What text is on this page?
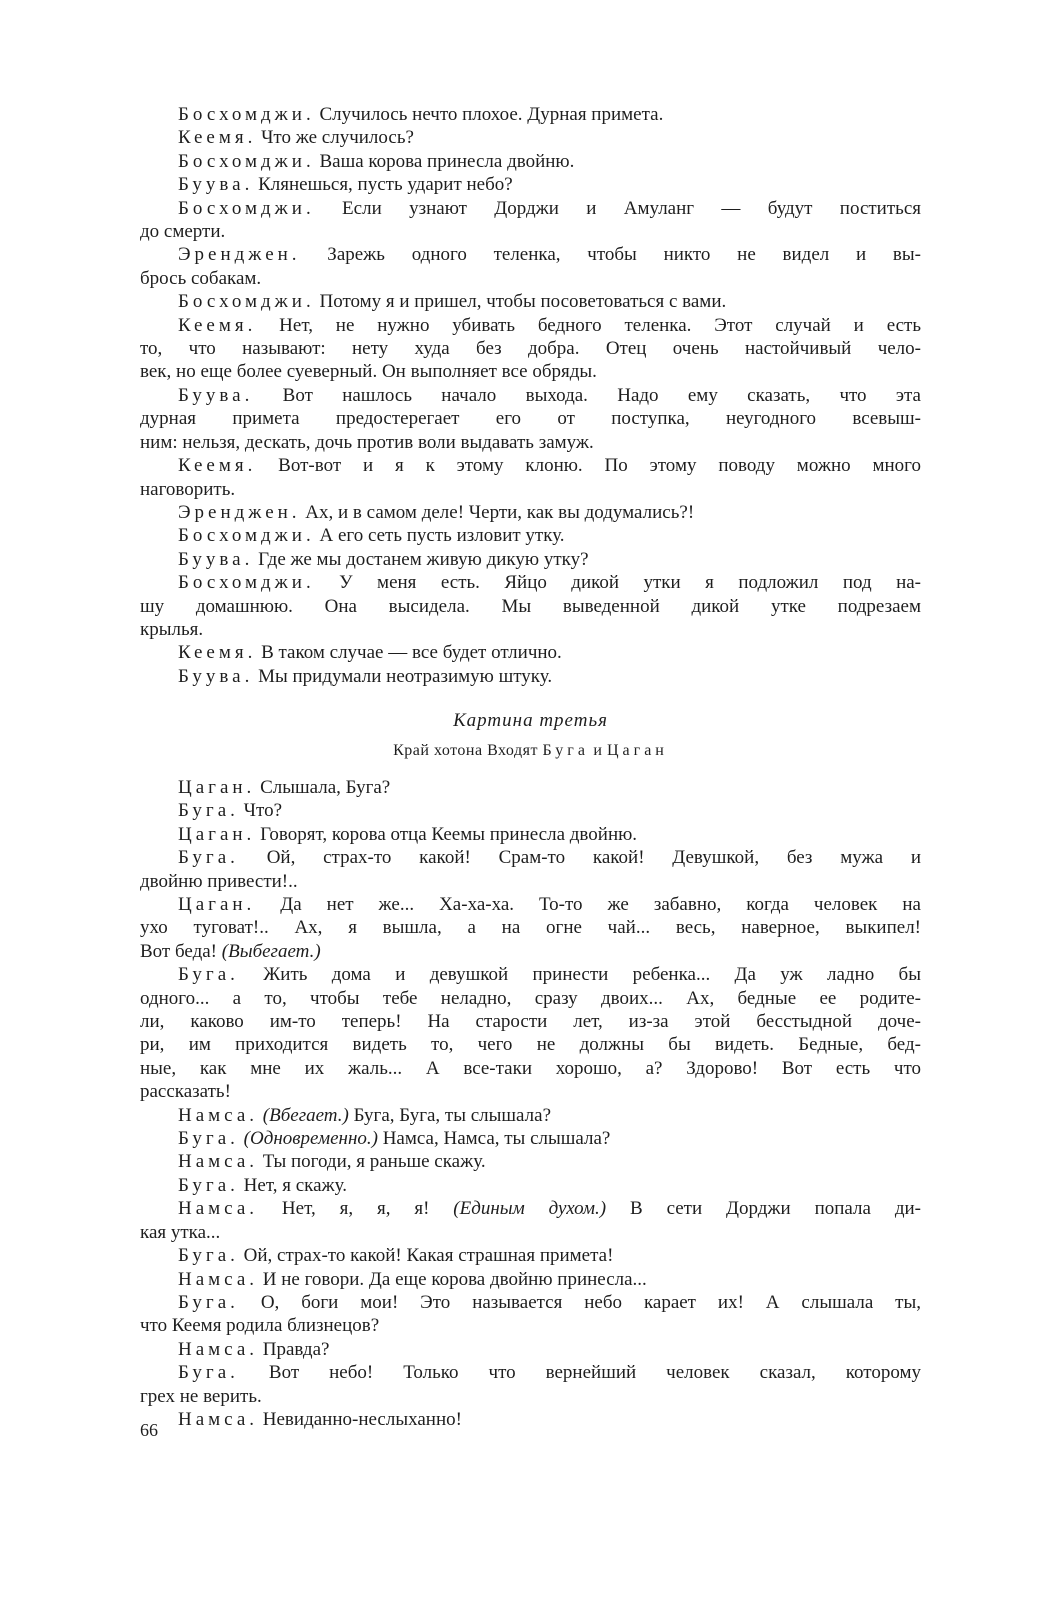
Босхомджи. Случилось нечто плохое. Дурная примета.
Кеемя. Что же случилось?
Босхомджи. Ваша корова принесла двойню.
Буува. Клянешься, пусть ударит небо?
Босхомджи. Если узнают Дорджи и Амуланг — будут поститься
до смерти.
Эренджен. Зарежь одного теленка, чтобы никто не видел и вы-
брось собакам.
Босхомджи. Потому я и пришел, чтобы посоветоваться с вами.
Кеемя. Нет, не нужно убивать бедного теленка. Этот случай и есть
то, что называют: нету худа без добра. Отец очень настойчивый чело-
век, но еще более суеверный. Он выполняет все обряды.
Буува. Вот нашлось начало выхода. Надо ему сказать, что эта
дурная примета предостерегает его от поступка, неугодного всевыш-
ним: нельзя, дескать, дочь против воли выдавать замуж.
Кеемя. Вот-вот и я к этому клоню. По этому поводу можно много
наговорить.
Эренджен. Ах, и в самом деле! Черти, как вы додумались?!
Босхомджи. А его сеть пусть изловит утку.
Буува. Где же мы достанем живую дикую утку?
Босхомджи. У меня есть. Яйцо дикой утки я подложил под на-
шу домашнюю. Она высидела. Мы выведенной дикой утке подрезаем
крылья.
Кеемя. В таком случае — все будет отлично.
Буува. Мы придумали неотразимую штуку.
Картина третья
Край хотона Входят Буга и Цаган
Цаган. Слышала, Буга?
Буга. Что?
Цаган. Говорят, корова отца Кеемы принесла двойню.
Буга. Ой, страх-то какой! Срам-то какой! Девушкой, без мужа и
двойню привести!..
Цаган. Да нет же... Ха-ха-ха. То-то же забавно, когда человек на
ухо туговат!.. Ах, я вышла, а на огне чай... весь, наверное, выкипел!
Вот беда! (Выбегает.)
Буга. Жить дома и девушкой принести ребенка... Да уж ладно бы
одного... а то, чтобы тебе неладно, сразу двоих... Ах, бедные ее родите-
ли, каково им-то теперь! На старости лет, из-за этой бесстыдной доче-
ри, им приходится видеть то, чего не должны бы видеть. Бедные, бед-
ные, как мне их жаль... А все-таки хорошо, а? Здорово! Вот есть что
рассказать!
Намса. (Вбегает.) Буга, Буга, ты слышала?
Буга. (Одновременно.) Намса, Намса, ты слышала?
Намса. Ты погоди, я раньше скажу.
Буга. Нет, я скажу.
Намса. Нет, я, я, я! (Единым духом.) В сети Дорджи попала ди-
кая утка...
Буга. Ой, страх-то какой! Какая страшная примета!
Намса. И не говори. Да еще корова двойню принесла...
Буга. О, боги мои! Это называется небо карает их! А слышала ты,
что Кеемя родила близнецов?
Намса. Правда?
Буга. Вот небо! Только что вернейший человек сказал, которому
грех не верить.
Намса. Невиданно-неслыханно!
66
